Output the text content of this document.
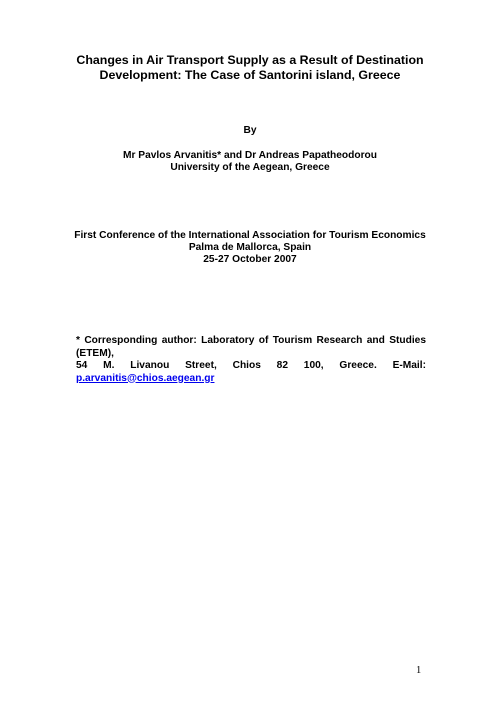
Changes in Air Transport Supply as a Result of Destination
Development: The Case of Santorini island, Greece
By
Mr Pavlos Arvanitis* and Dr Andreas Papatheodorou
University of the Aegean, Greece
First Conference of the International Association for Tourism Economics
Palma de Mallorca, Spain
25-27 October 2007
* Corresponding author: Laboratory of Tourism Research and Studies (ETEM),
54 M. Livanou Street, Chios 82 100, Greece. E-Mail:
p.arvanitis@chios.aegean.gr
1
